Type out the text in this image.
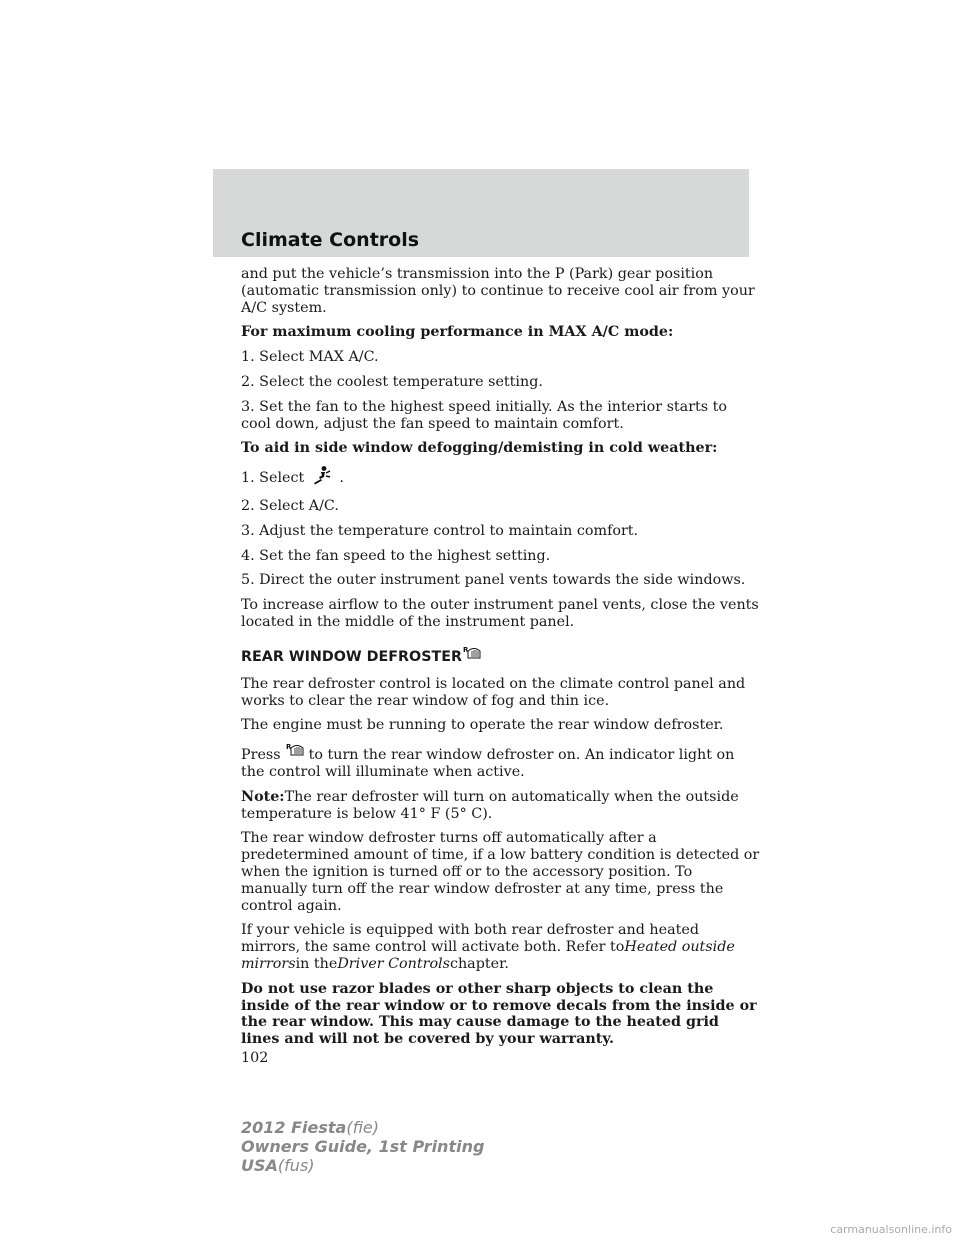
Climate Controls

and put the vehicle’s transmission into the P (Park) gear position (automatic transmission only) to continue to receive cool air from your A/C system.

For maximum cooling performance in MAX A/C mode:

1. Select MAX A/C.

2. Select the coolest temperature setting.

3. Set the fan to the highest speed initially. As the interior starts to cool down, adjust the fan speed to maintain comfort.

To aid in side window defogging/demisting in cold weather:

1. Select .

2. Select A/C.

3. Adjust the temperature control to maintain comfort.

4. Set the fan speed to the highest setting.

5. Direct the outer instrument panel vents towards the side windows.

To increase airflow to the outer instrument panel vents, close the vents located in the middle of the instrument panel.

REAR WINDOW DEFROSTER R

The rear defroster control is located on the climate control panel and works to clear the rear window of fog and thin ice.

The engine must be running to operate the rear window defroster.

Press R to turn the rear window defroster on. An indicator light on the control will illuminate when active.

Note:The rear defroster will turn on automatically when the outside temperature is below 41° F (5° C).

The rear window defroster turns off automatically after a predetermined amount of time, if a low battery condition is detected or when the ignition is turned off or to the accessory position. To manually turn off the rear window defroster at any time, press the control again.

If your vehicle is equipped with both rear defroster and heated mirrors, the same control will activate both. Refer toHeated outside mirrorsin theDriver Controlschapter.

Do not use razor blades or other sharp objects to clean the inside of the rear window or to remove decals from the inside or the rear window. This may cause damage to the heated grid lines and will not be covered by your warranty.

102
2012 Fiesta(fie)
Owners Guide, 1st Printing
USA(fus)
carmanualsonline.info
